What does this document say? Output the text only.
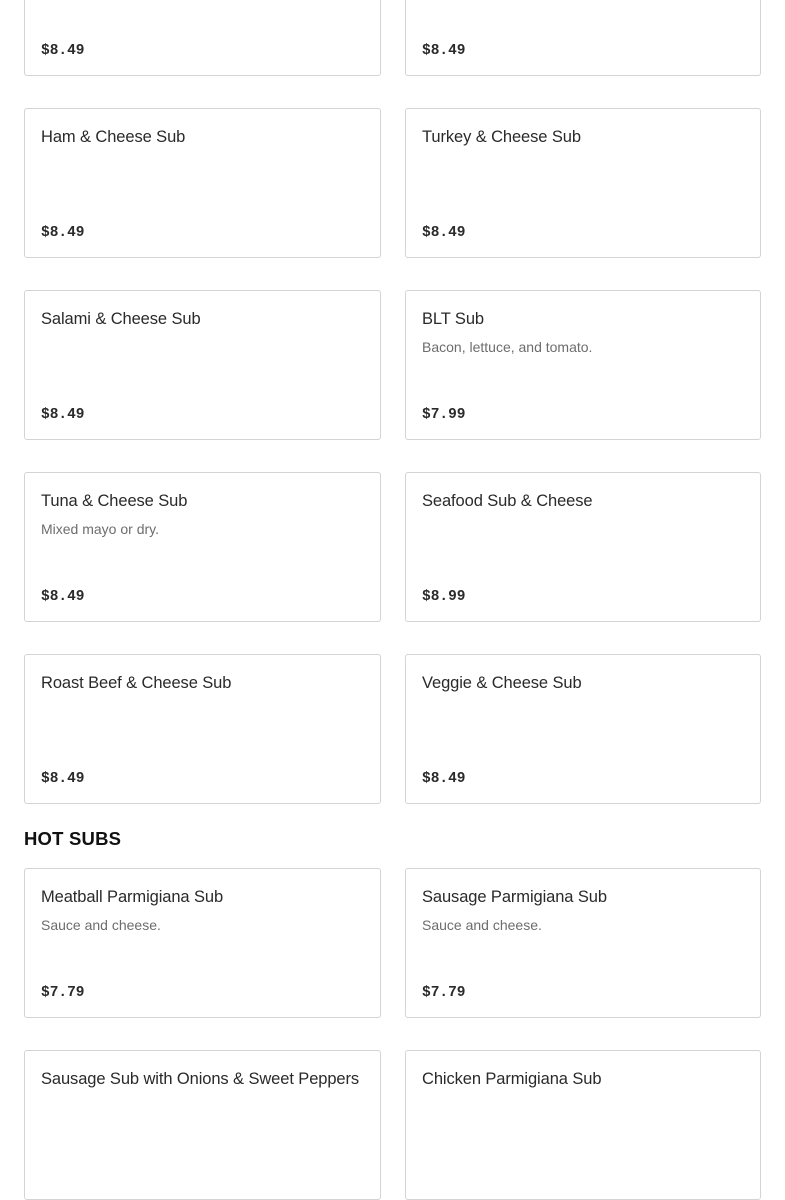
$8.49	$8.49
Ham & Cheese Sub
$8.49
Turkey & Cheese Sub
$8.49
Salami & Cheese Sub
$8.49
BLT Sub
Bacon, lettuce, and tomato.
$7.99
Tuna & Cheese Sub
Mixed mayo or dry.
$8.49
Seafood Sub & Cheese
$8.99
Roast Beef & Cheese Sub
$8.49
Veggie & Cheese Sub
$8.49
HOT SUBS
Meatball Parmigiana Sub
Sauce and cheese.
$7.79
Sausage Parmigiana Sub
Sauce and cheese.
$7.79
Sausage Sub with Onions & Sweet Peppers	Chicken Parmigiana Sub
